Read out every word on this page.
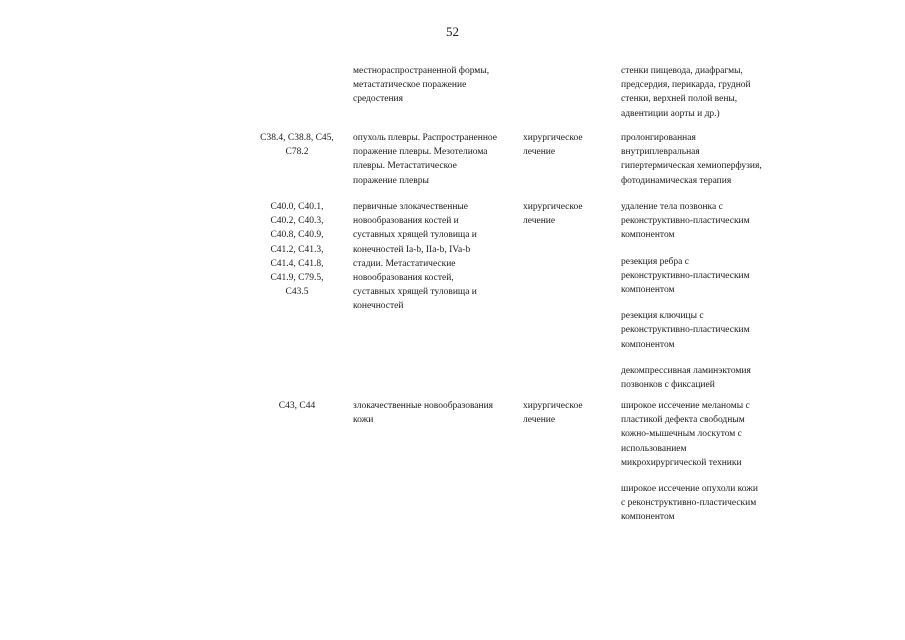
52
местнораспространенной формы,
метастатическое поражение
средостения
стенки пищевода, диафрагмы,
предсердия, перикарда, грудной
стенки, верхней полой вены,
адвентиции аорты и др.)
C38.4, C38.8, C45,
C78.2
опухоль плевры. Распространенное
поражение плевры. Мезотелиома
плевры. Метастатическое
поражение плевры
хирургическое
лечение
пролонгированная
внутриплевральная
гипертермическая хемиоперфузия,
фотодинамическая терапия
C40.0, C40.1,
C40.2, C40.3,
C40.8, C40.9,
C41.2, C41.3,
C41.4, C41.8,
C41.9, C79.5,
C43.5
первичные злокачественные
новообразования костей и
суставных хрящей туловища и
конечностей Ia-b, IIa-b, IVa-b
стадии. Метастатические
новообразования костей,
суставных хрящей туловища и
конечностей
хирургическое
лечение
удаление тела позвонка с
реконструктивно-пластическим
компонентом
резекция ребра с
реконструктивно-пластическим
компонентом
резекция ключицы с
реконструктивно-пластическим
компонентом
декомпрессивная ламинэктомия
позвонков с фиксацией
C43, C44	злокачественные новообразования
кожи
хирургическое
лечение
широкое иссечение меланомы с
пластикой дефекта свободным
кожно-мышечным лоскутом с
использованием
микрохирургической техники
широкое иссечение опухоли кожи
с реконструктивно-пластическим
компонентом
